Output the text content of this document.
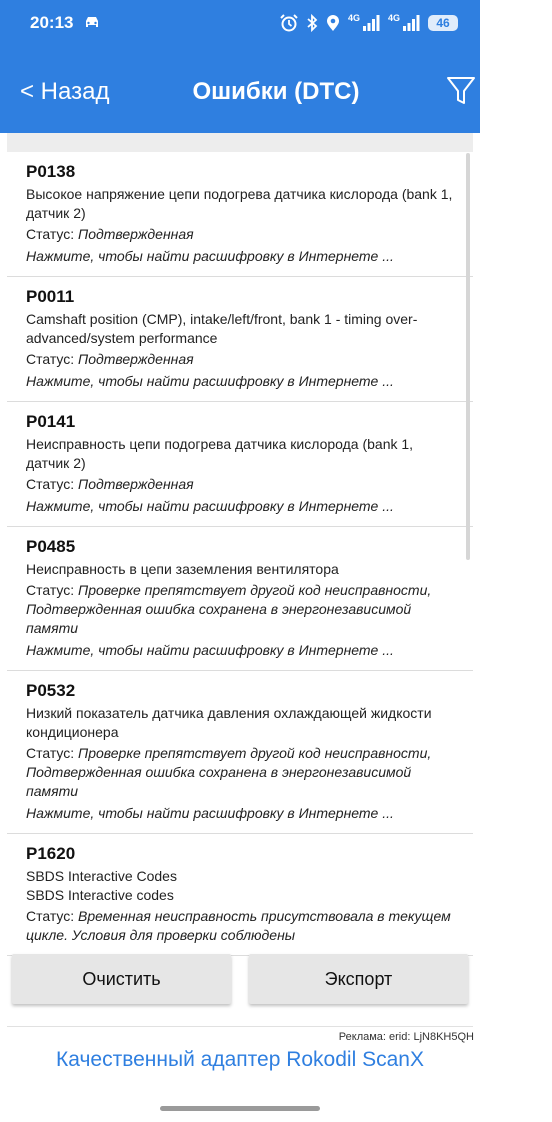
20:13	4G	4G	46
< Назад	Ошибки (DTC)
P0138
Высокое напряжение цепи подогрева датчика кислорода (bank 1, датчик 2)
Статус: Подтвержденная
Нажмите, чтобы найти расшифровку в Интернете ...
P0011
Camshaft position (CMP), intake/left/front, bank 1 - timing over-advanced/system performance
Статус: Подтвержденная
Нажмите, чтобы найти расшифровку в Интернете ...
P0141
Неисправность цепи подогрева датчика кислорода (bank 1, датчик 2)
Статус: Подтвержденная
Нажмите, чтобы найти расшифровку в Интернете ...
P0485
Неисправность в цепи заземления вентилятора
Статус: Проверке препятствует другой код неисправности, Подтвержденная ошибка сохранена в энергонезависимой памяти
Нажмите, чтобы найти расшифровку в Интернете ...
P0532
Низкий показатель датчика давления охлаждающей жидкости кондиционера
Статус: Проверке препятствует другой код неисправности, Подтвержденная ошибка сохранена в энергонезависимой памяти
Нажмите, чтобы найти расшифровку в Интернете ...
P1620
SBDS Interactive Codes
SBDS Interactive codes
Статус: Временная неисправность присутствовала в текущем цикле. Условия для проверки соблюдены
Очистить	Экспорт
Реклама: erid: LjN8KH5QH
Качественный адаптер Rokodil ScanX
